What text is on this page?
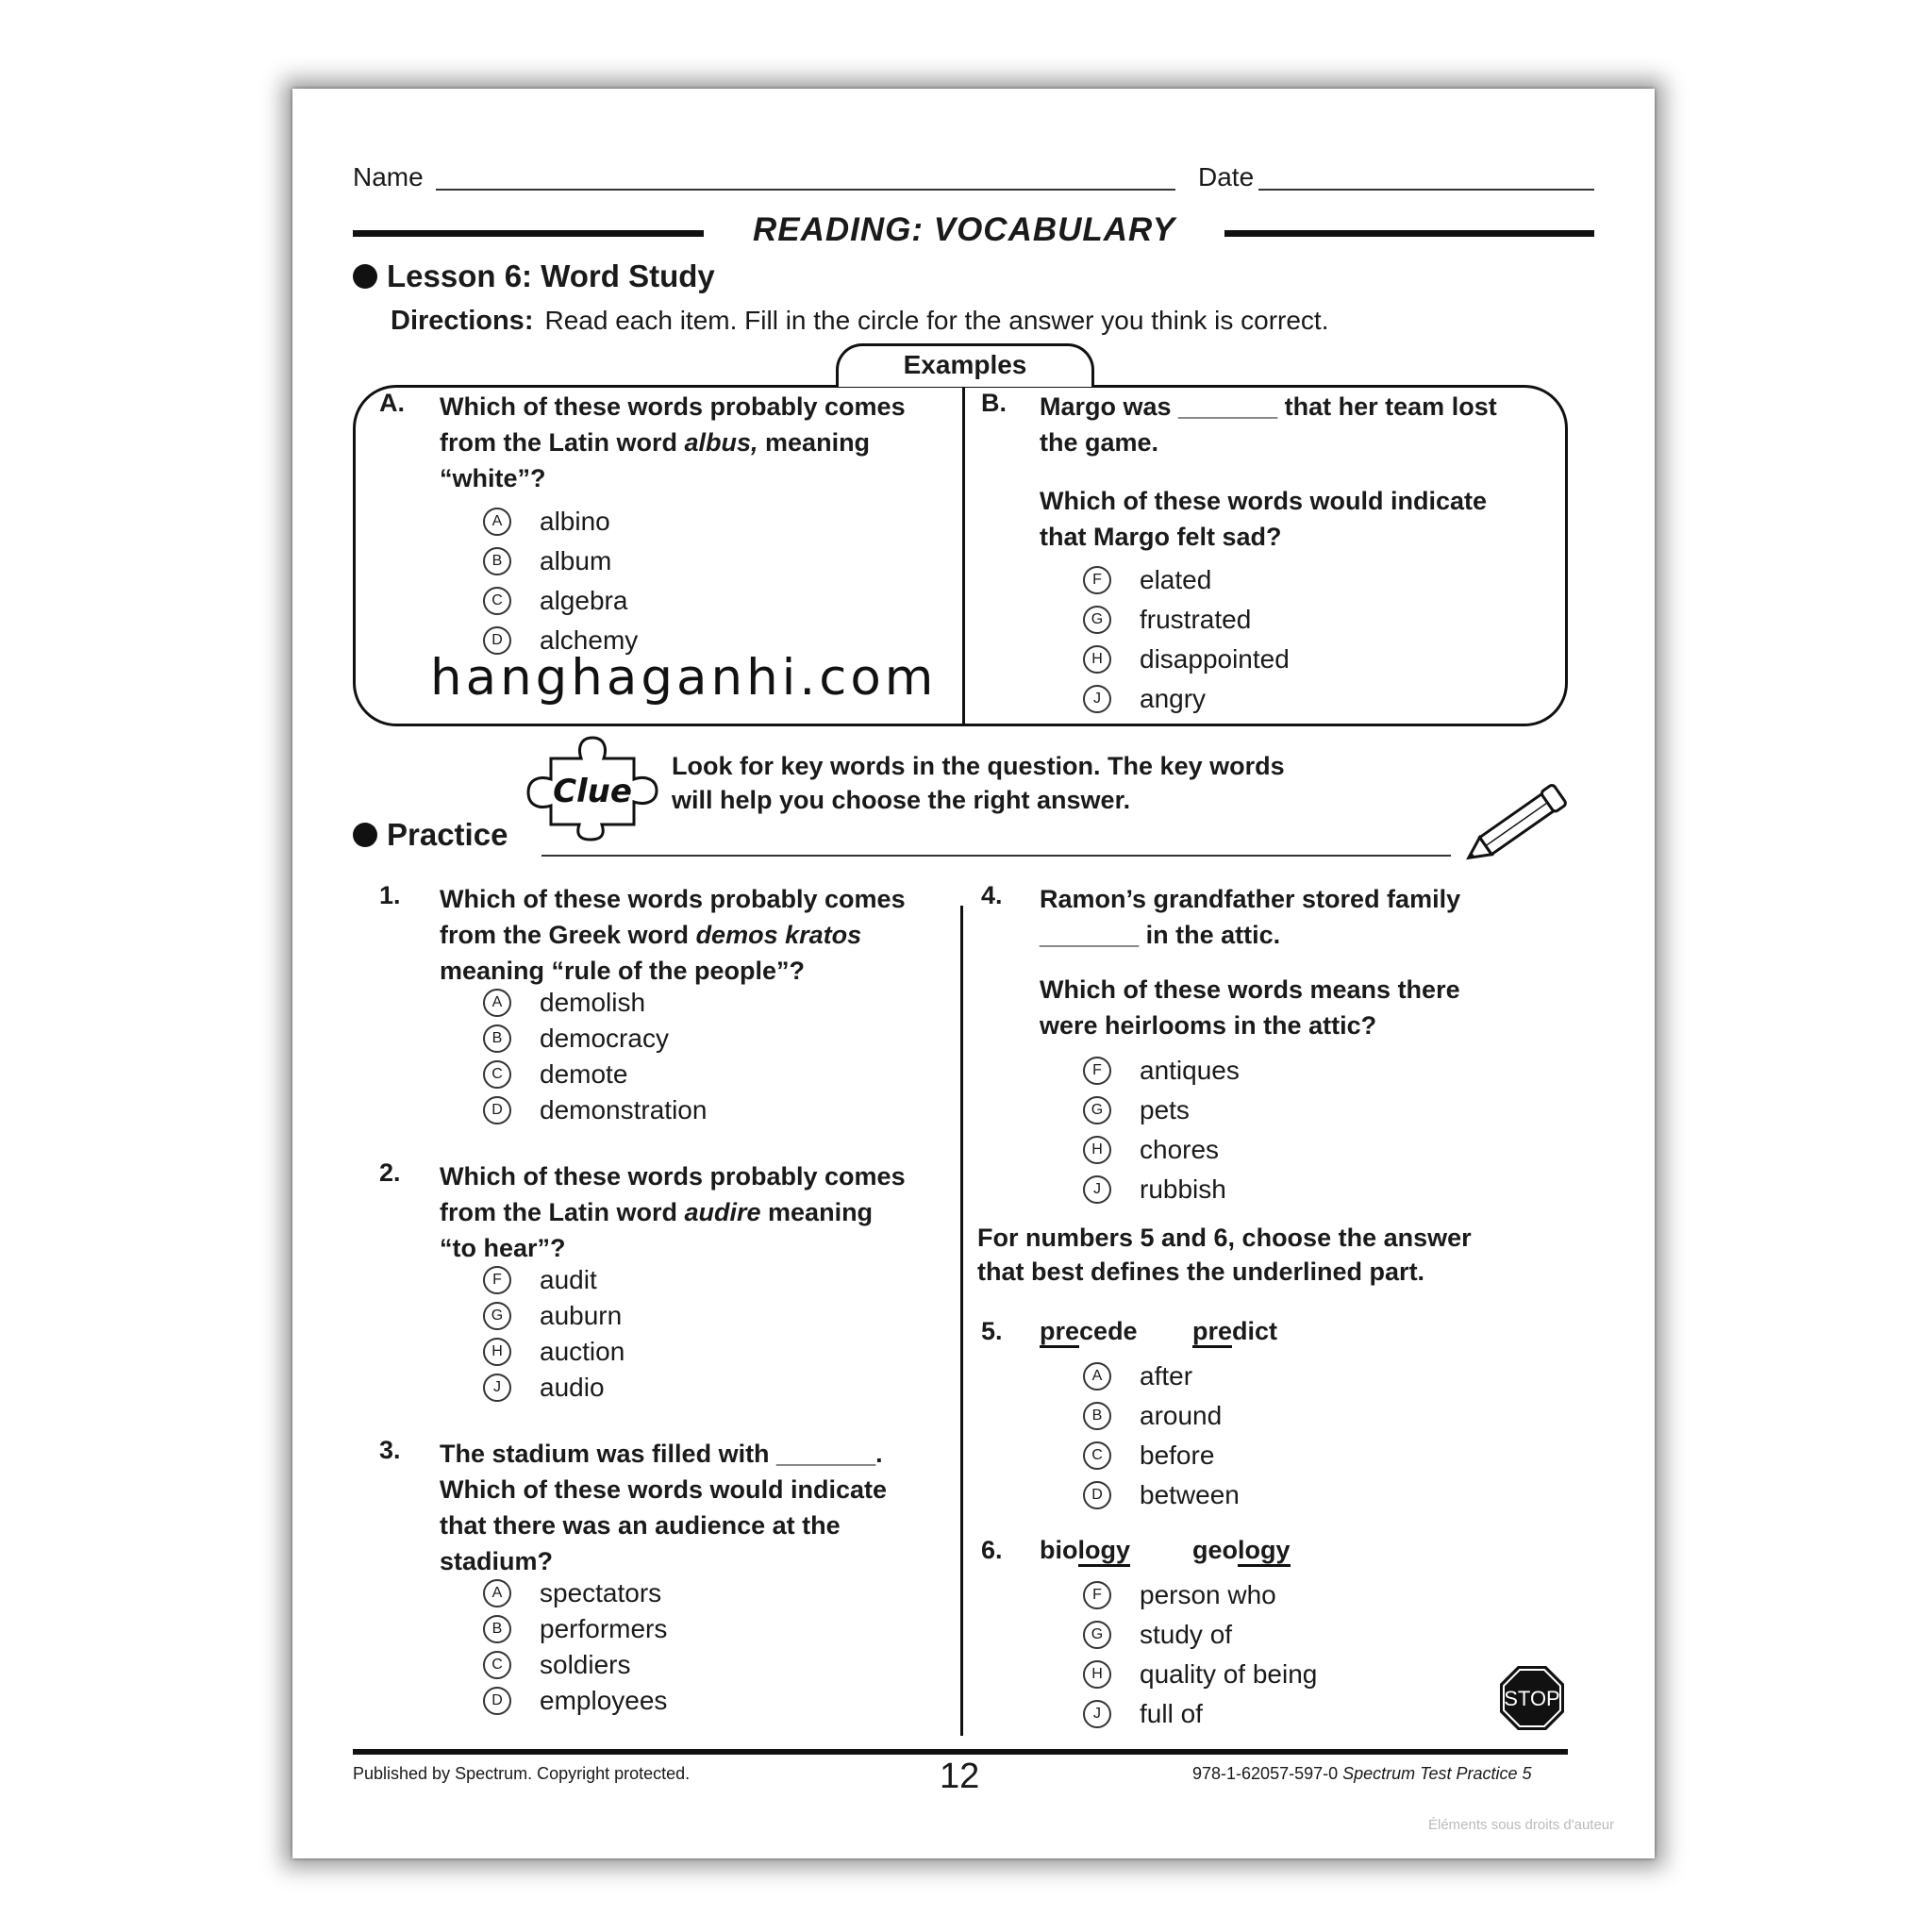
Name	Date
READING: VOCABULARY
Lesson 6: Word Study
Directions: Read each item. Fill in the circle for the answer you think is correct.
Examples
A. Which of these words probably comes
from the Latin word albus, meaning
“white”?
A	albino
B	album
C	algebra
D	alchemy
B. Margo was _______ that her team lost
the game.
Which of these words would indicate
that Margo felt sad?
F	elated
G	frustrated
H	disappointed
J	angry
hanghaganhi.com
Clue
Look for key words in the question. The key words
will help you choose the right answer.
Practice
1. Which of these words probably comes
from the Greek word demos kratos
meaning “rule of the people”?
A	demolish
B	democracy
C	demote
D	demonstration
2. Which of these words probably comes
from the Latin word audire meaning
“to hear”?
F	audit
G	auburn
H	auction
J	audio
3. The stadium was filled with _______.
Which of these words would indicate
that there was an audience at the
stadium?
A	spectators
B	performers
C	soldiers
D	employees
4. Ramon’s grandfather stored family
_______ in the attic.
Which of these words means there
were heirlooms in the attic?
F	antiques
G	pets
H	chores
J	rubbish
For numbers 5 and 6, choose the answer
that best defines the underlined part.
5. precede predict
A	after
B	around
C	before
D	between
6. biology geology
F	person who
G	study of
H	quality of being
J	full of
STOP
Published by Spectrum. Copyright protected.	12	978-1-62057-597-0 Spectrum Test Practice 5
Éléments sous droits d'auteur
